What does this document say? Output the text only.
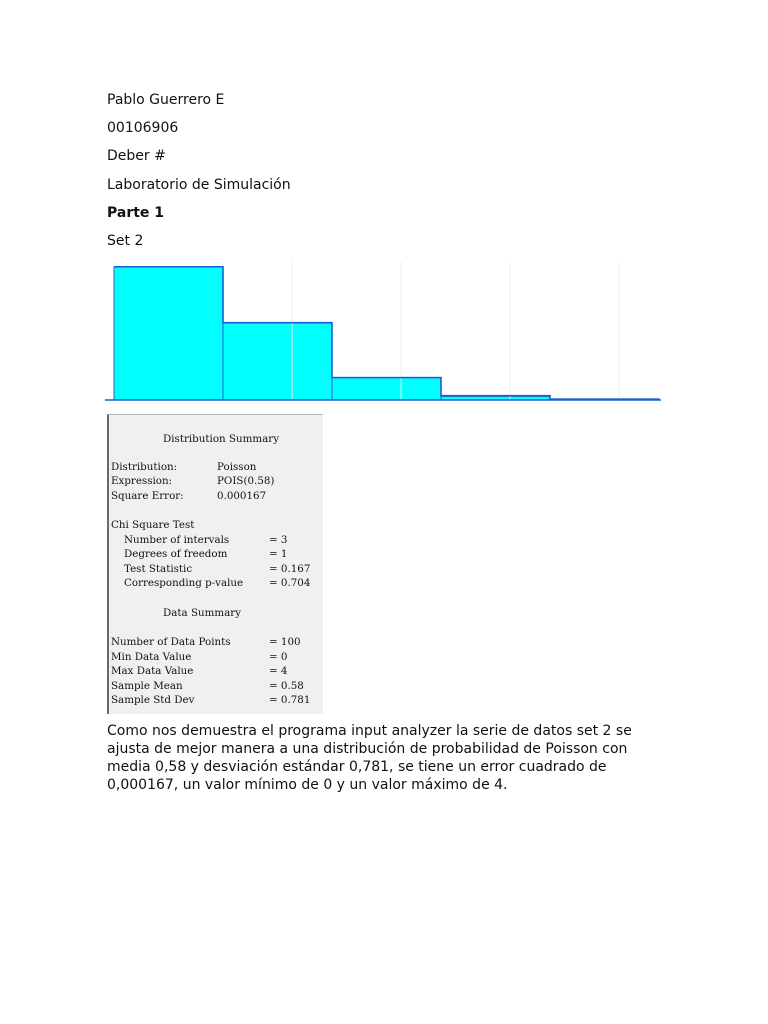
Pablo Guerrero E
00106906
Deber #
Laboratorio de Simulación
Parte 1
Set 2
Distribution Summary
Distribution:	Poisson
Expression:	POIS(0.58)
Square Error:	0.000167
Chi Square Test
Number of intervals	= 3
Degrees of freedom	= 1
Test Statistic	= 0.167
Corresponding p-value	= 0.704
Data Summary
Number of Data Points	= 100
Min Data Value	= 0
Max Data Value	= 4
Sample Mean	= 0.58
Sample Std Dev	= 0.781
Como nos demuestra el programa input analyzer la serie de datos set 2 se ajusta de mejor manera a una distribución de probabilidad de Poisson con media 0,58 y desviación estándar 0,781, se tiene un error cuadrado de 0,000167, un valor mínimo de 0 y un valor máximo de 4.
